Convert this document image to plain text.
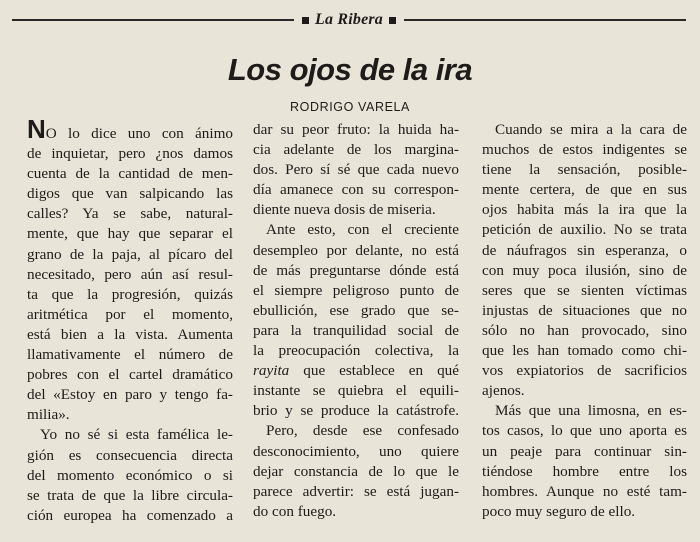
La Ribera
Los ojos de la ira
RODRIGO VARELA

NO lo dice uno con ánimo
de inquietar, pero ¿nos damos
cuenta de la cantidad de men-
digos que van salpicando las
calles? Ya se sabe, natural-
mente, que hay que separar el
grano de la paja, al pícaro del
necesitado, pero aún así resul-
ta que la progresión, quizás
aritmética por el momento,
está bien a la vista. Aumenta
llamativamente el número de
pobres con el cartel dramático
del «Estoy en paro y tengo fa-
milia».

Yo no sé si esta famélica le-
gión es consecuencia directa
del momento económico o si
se trata de que la libre circula-
ción europea ha comenzado a

dar su peor fruto: la huida ha-
cia adelante de los margina-
dos. Pero sí sé que cada nuevo
día amanece con su correspon-
diente nueva dosis de miseria.

Ante esto, con el creciente
desempleo por delante, no está
de más preguntarse dónde está
el siempre peligroso punto de
ebullición, ese grado que se-
para la tranquilidad social de
la preocupación colectiva, la
rayita que establece en qué
instante se quiebra el equili-
brio y se produce la catástrofe.
Pero, desde ese confesado
desconocimiento, uno quiere
dejar constancia de lo que le
parece advertir: se está jugan-
do con fuego.

Cuando se mira a la cara de
muchos de estos indigentes se
tiene la sensación, posible-
mente certera, de que en sus
ojos habita más la ira que la
petición de auxilio. No se trata
de náufragos sin esperanza, o
con muy poca ilusión, sino de
seres que se sienten víctimas
injustas de situaciones que no
sólo no han provocado, sino
que les han tomado como chi-
vos expiatorios de sacrificios
ajenos.

Más que una limosna, en es-
tos casos, lo que uno aporta es
un peaje para continuar sin-
tiéndose hombre entre los
hombres. Aunque no esté tam-
poco muy seguro de ello.
